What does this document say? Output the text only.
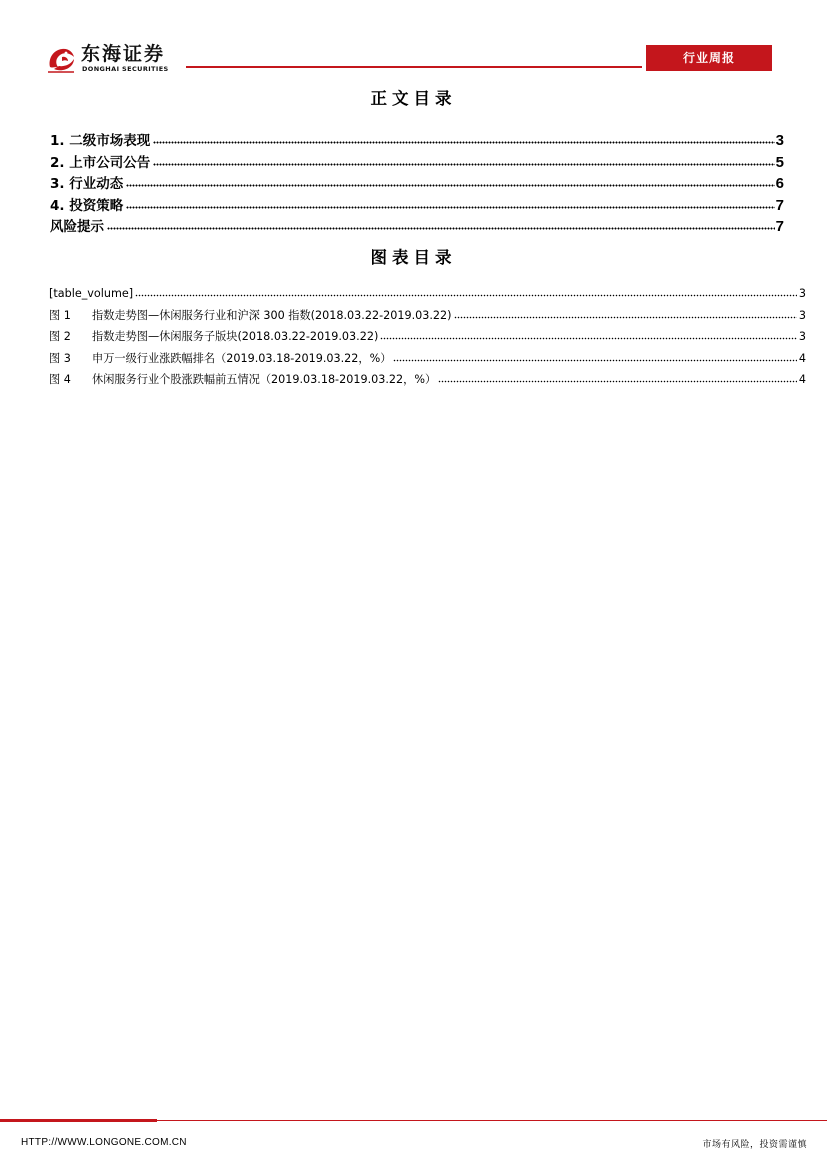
东海证券
DONGHAI SECURITIES
行业周报
正文目录
1. 二级市场表现	3
2. 上市公司公告	5
3. 行业动态	6
4. 投资策略	7
风险提示	7
图表目录
[table_volume]	3
图 1 指数走势图—休闲服务行业和沪深 300 指数(2018.03.22-2019.03.22)	3
图 2 指数走势图—休闲服务子版块(2018.03.22-2019.03.22)	3
图 3 申万一级行业涨跌幅排名（2019.03.18-2019.03.22，%）	4
图 4 休闲服务行业个股涨跌幅前五情况（2019.03.18-2019.03.22，%）	4
HTTP://WWW.LONGONE.COM.CN	市场有风险，投资需谨慎
